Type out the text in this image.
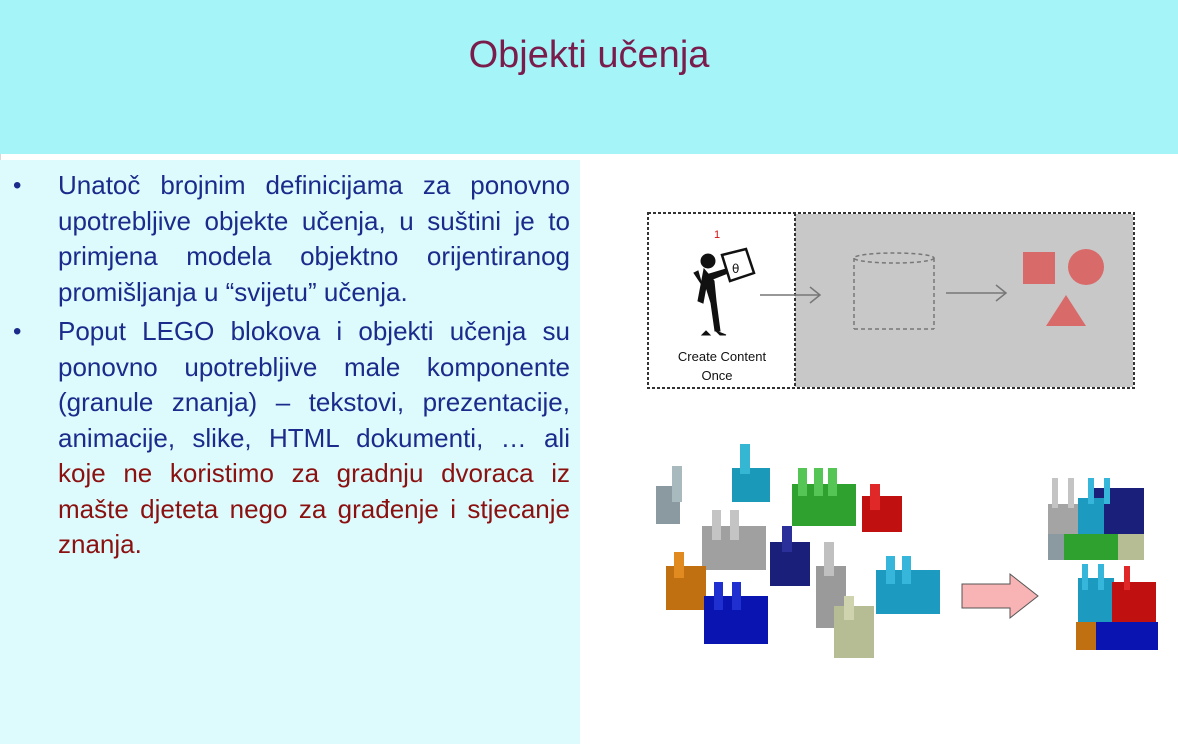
Objekti učenja
• Unatoč brojnim definicijama za ponovno upotrebljive objekte učenja, u suštini je to primjena modela objektno orijentiranog promišljanja u “svijetu” učenja.
• Poput LEGO blokova i objekti učenja su ponovno upotrebljive male komponente (granule znanja) – tekstovi, prezentacije, animacije, slike, HTML dokumenti, … ali koje ne koristimo za gradnju dvoraca iz mašte djeteta nego za građenje i stjecanje znanja.
1
θ
Create Content
Once
